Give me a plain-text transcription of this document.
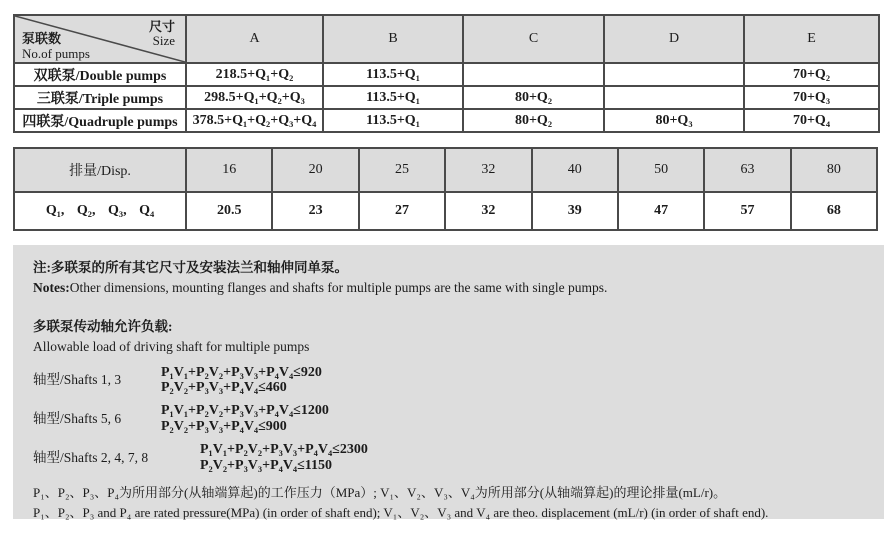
尺寸
Size
泵联数
No.of pumps	A	B	C	D	E
双联泵/Double pumps	218.5+Q₁+Q₂	113.5+Q₁			70+Q₂
三联泵/Triple pumps	298.5+Q₁+Q₂+Q₃	113.5+Q₁	80+Q₂		70+Q₃
四联泵/Quadruple pumps	378.5+Q₁+Q₂+Q₃+Q₄	113.5+Q₁	80+Q₂	80+Q₃	70+Q₄
排量/Disp.	16	20	25	32	40	50	63	80
Q₁, Q₂, Q₃, Q₄	20.5	23	27	32	39	47	57	68
注:多联泵的所有其它尺寸及安装法兰和轴伸同单泵。
Notes:Other dimensions, mounting flanges and shafts for multiple pumps are the same with single pumps.
多联泵传动轴允许负载:
Allowable load of driving shaft for multiple pumps
轴型/Shafts 1, 3
P₁V₁+P₂V₂+P₃V₃+P₄V₄≤920
P₂V₂+P₃V₃+P₄V₄≤460
轴型/Shafts 5, 6
P₁V₁+P₂V₂+P₃V₃+P₄V₄≤1200
P₂V₂+P₃V₃+P₄V₄≤900
轴型/Shafts 2, 4, 7, 8
P₁V₁+P₂V₂+P₃V₃+P₄V₄≤2300
P₂V₂+P₃V₃+P₄V₄≤1150
P₁、P₂、P₃、P₄为所用部分(从轴端算起)的工作压力（MPa）; V₁、V₂、V₃、V₄为所用部分(从轴端算起)的理论排量(mL/r)。
P₁、P₂、P₃ and P₄ are rated pressure(MPa) (in order of shaft end); V₁、V₂、V₃ and V₄ are theo. displacement (mL/r) (in order of shaft end).
